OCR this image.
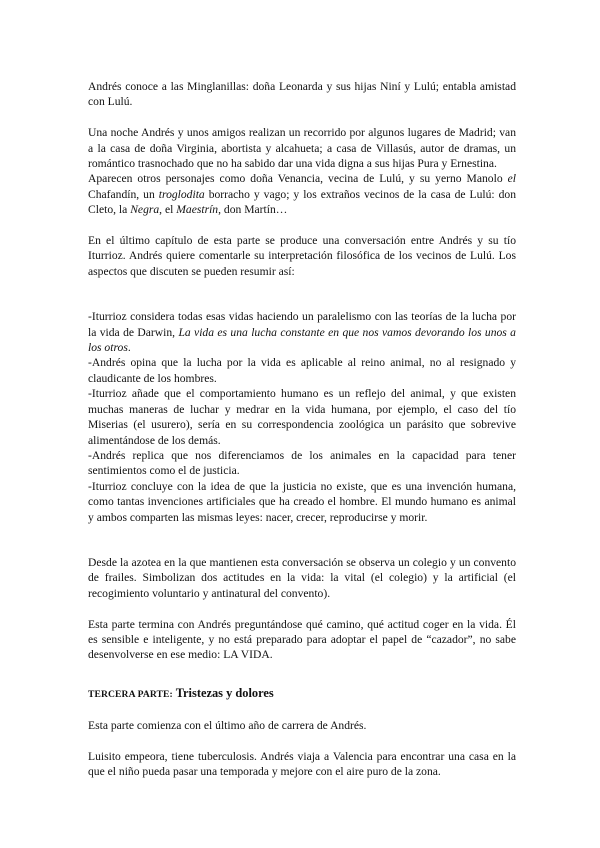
Andrés conoce a las Minglanillas: doña Leonarda y sus hijas Niní y Lulú; entabla amistad con Lulú.

Una noche Andrés y unos amigos realizan un recorrido por algunos lugares de Madrid; van a la casa de doña Virginia, abortista y alcahueta; a casa de Villasús, autor de dramas, un romántico trasnochado que no ha sabido dar una vida digna a sus hijas Pura y Ernestina.

Aparecen otros personajes como doña Venancia, vecina de Lulú, y su yerno Manolo el Chafandín, un troglodita borracho y vago; y los extraños vecinos de la casa de Lulú: don Cleto, la Negra, el Maestrín, don Martín…

En el último capítulo de esta parte se produce una conversación entre Andrés y su tío Iturrioz. Andrés quiere comentarle su interpretación filosófica de los vecinos de Lulú. Los aspectos que discuten se pueden resumir así:

-Iturrioz considera todas esas vidas haciendo un paralelismo con las teorías de la lucha por la vida de Darwin, La vida es una lucha constante en que nos vamos devorando los unos a los otros.

-Andrés opina que la lucha por la vida es aplicable al reino animal, no al resignado y claudicante de los hombres.

-Iturrioz añade que el comportamiento humano es un reflejo del animal, y que existen muchas maneras de luchar y medrar en la vida humana, por ejemplo, el caso del tío Miserias (el usurero), sería en su correspondencia zoológica un parásito que sobrevive alimentándose de los demás.

-Andrés replica que nos diferenciamos de los animales en la capacidad para tener sentimientos como el de justicia.

-Iturrioz concluye con la idea de que la justicia no existe, que es una invención humana, como tantas invenciones artificiales que ha creado el hombre. El mundo humano es animal y ambos comparten las mismas leyes: nacer, crecer, reproducirse y morir.

Desde la azotea en la que mantienen esta conversación se observa un colegio y un convento de frailes. Simbolizan dos actitudes en la vida: la vital (el colegio) y la artificial (el recogimiento voluntario y antinatural del convento).

Esta parte termina con Andrés preguntándose qué camino, qué actitud coger en la vida. Él es sensible e inteligente, y no está preparado para adoptar el papel de “cazador”, no sabe desenvolverse en ese medio: LA VIDA.

TERCERA PARTE: Tristezas y dolores

Esta parte comienza con el último año de carrera de Andrés.

Luisito empeora, tiene tuberculosis. Andrés viaja a Valencia para encontrar una casa en la que el niño pueda pasar una temporada y mejore con el aire puro de la zona.
